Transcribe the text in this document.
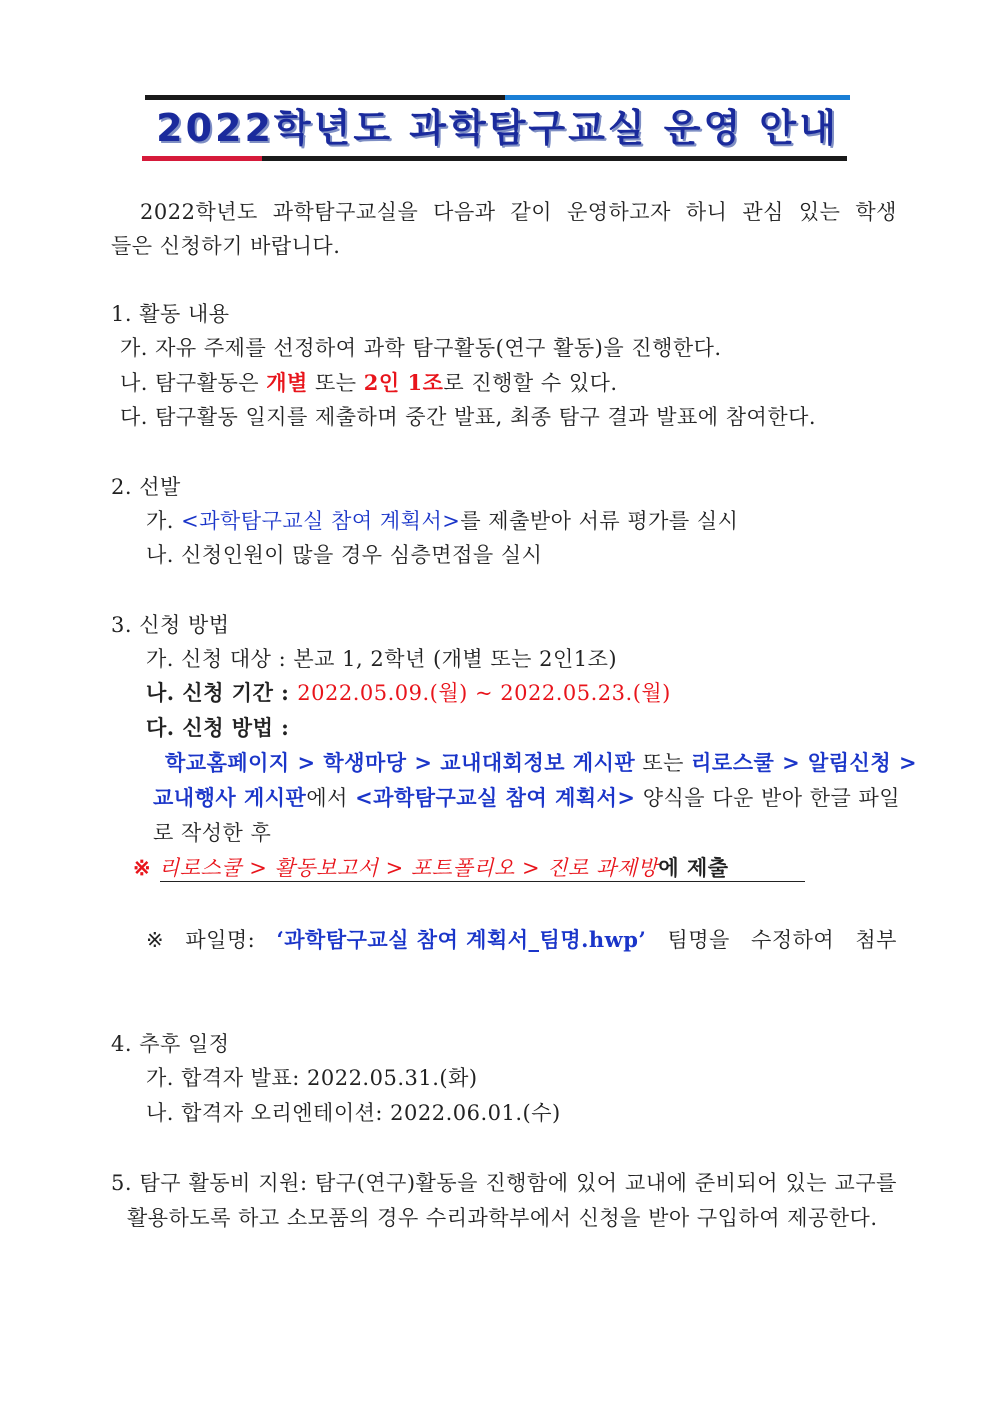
2022학년도 과학탐구교실 운영 안내
2022학년도 과학탐구교실을 다음과 같이 운영하고자 하니 관심 있는 학생
들은 신청하기 바랍니다.
1. 활동 내용
가. 자유 주제를 선정하여 과학 탐구활동(연구 활동)을 진행한다.
나. 탐구활동은 개별 또는 2인 1조로 진행할 수 있다.
다. 탐구활동 일지를 제출하며 중간 발표, 최종 탐구 결과 발표에 참여한다.
2. 선발
가. <과학탐구교실 참여 계획서>를 제출받아 서류 평가를 실시
나. 신청인원이 많을 경우 심층면접을 실시
3. 신청 방법
가. 신청 대상 : 본교 1, 2학년 (개별 또는 2인1조)
나. 신청 기간 : 2022.05.09.(월) ~ 2022.05.23.(월)
다. 신청 방법 :
학교홈페이지 > 학생마당 > 교내대회정보 게시판 또는 리로스쿨 > 알림신청 >
교내행사 게시판에서 <과학탐구교실 참여 계획서> 양식을 다운 받아 한글 파일
로 작성한 후
※ 리로스쿨 > 활동보고서 > 포트폴리오 > 진로 과제방에 제출
※ 파일명: ‘과학탐구교실 참여 계획서_팀명.hwp’ 팀명을 수정하여 첨부
4. 추후 일정
가. 합격자 발표: 2022.05.31.(화)
나. 합격자 오리엔테이션: 2022.06.01.(수)
5. 탐구 활동비 지원: 탐구(연구)활동을 진행함에 있어 교내에 준비되어 있는 교구를
활용하도록 하고 소모품의 경우 수리과학부에서 신청을 받아 구입하여 제공한다.
